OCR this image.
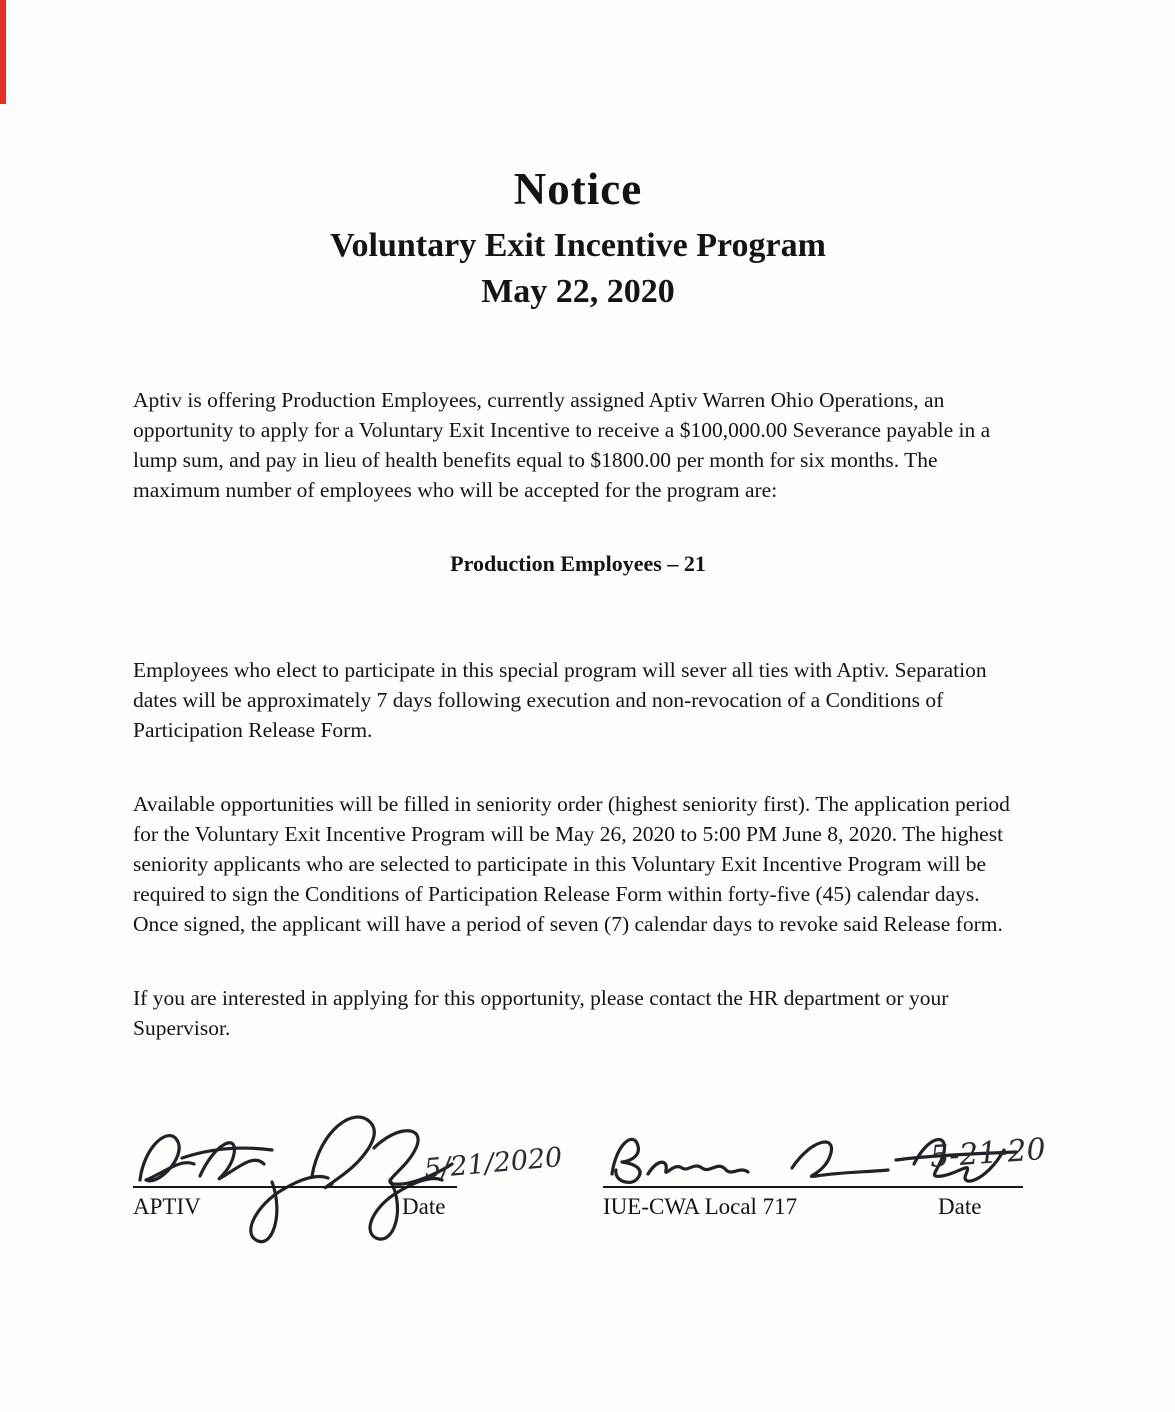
Notice
Voluntary Exit Incentive Program
May 22, 2020

Aptiv is offering Production Employees, currently assigned Aptiv Warren Ohio Operations, an opportunity to apply for a Voluntary Exit Incentive to receive a $100,000.00 Severance payable in a lump sum, and pay in lieu of health benefits equal to $1800.00 per month for six months. The maximum number of employees who will be accepted for the program are:

Production Employees – 21

Employees who elect to participate in this special program will sever all ties with Aptiv. Separation dates will be approximately 7 days following execution and non-revocation of a Conditions of Participation Release Form.

Available opportunities will be filled in seniority order (highest seniority first). The application period for the Voluntary Exit Incentive Program will be May 26, 2020 to 5:00 PM June 8, 2020. The highest seniority applicants who are selected to participate in this Voluntary Exit Incentive Program will be required to sign the Conditions of Participation Release Form within forty-five (45) calendar days. Once signed, the applicant will have a period of seven (7) calendar days to revoke said Release form.

If you are interested in applying for this opportunity, please contact the HR department or your Supervisor.

5/21/2020	5-21-20
APTIV	Date	IUE-CWA Local 717	Date
